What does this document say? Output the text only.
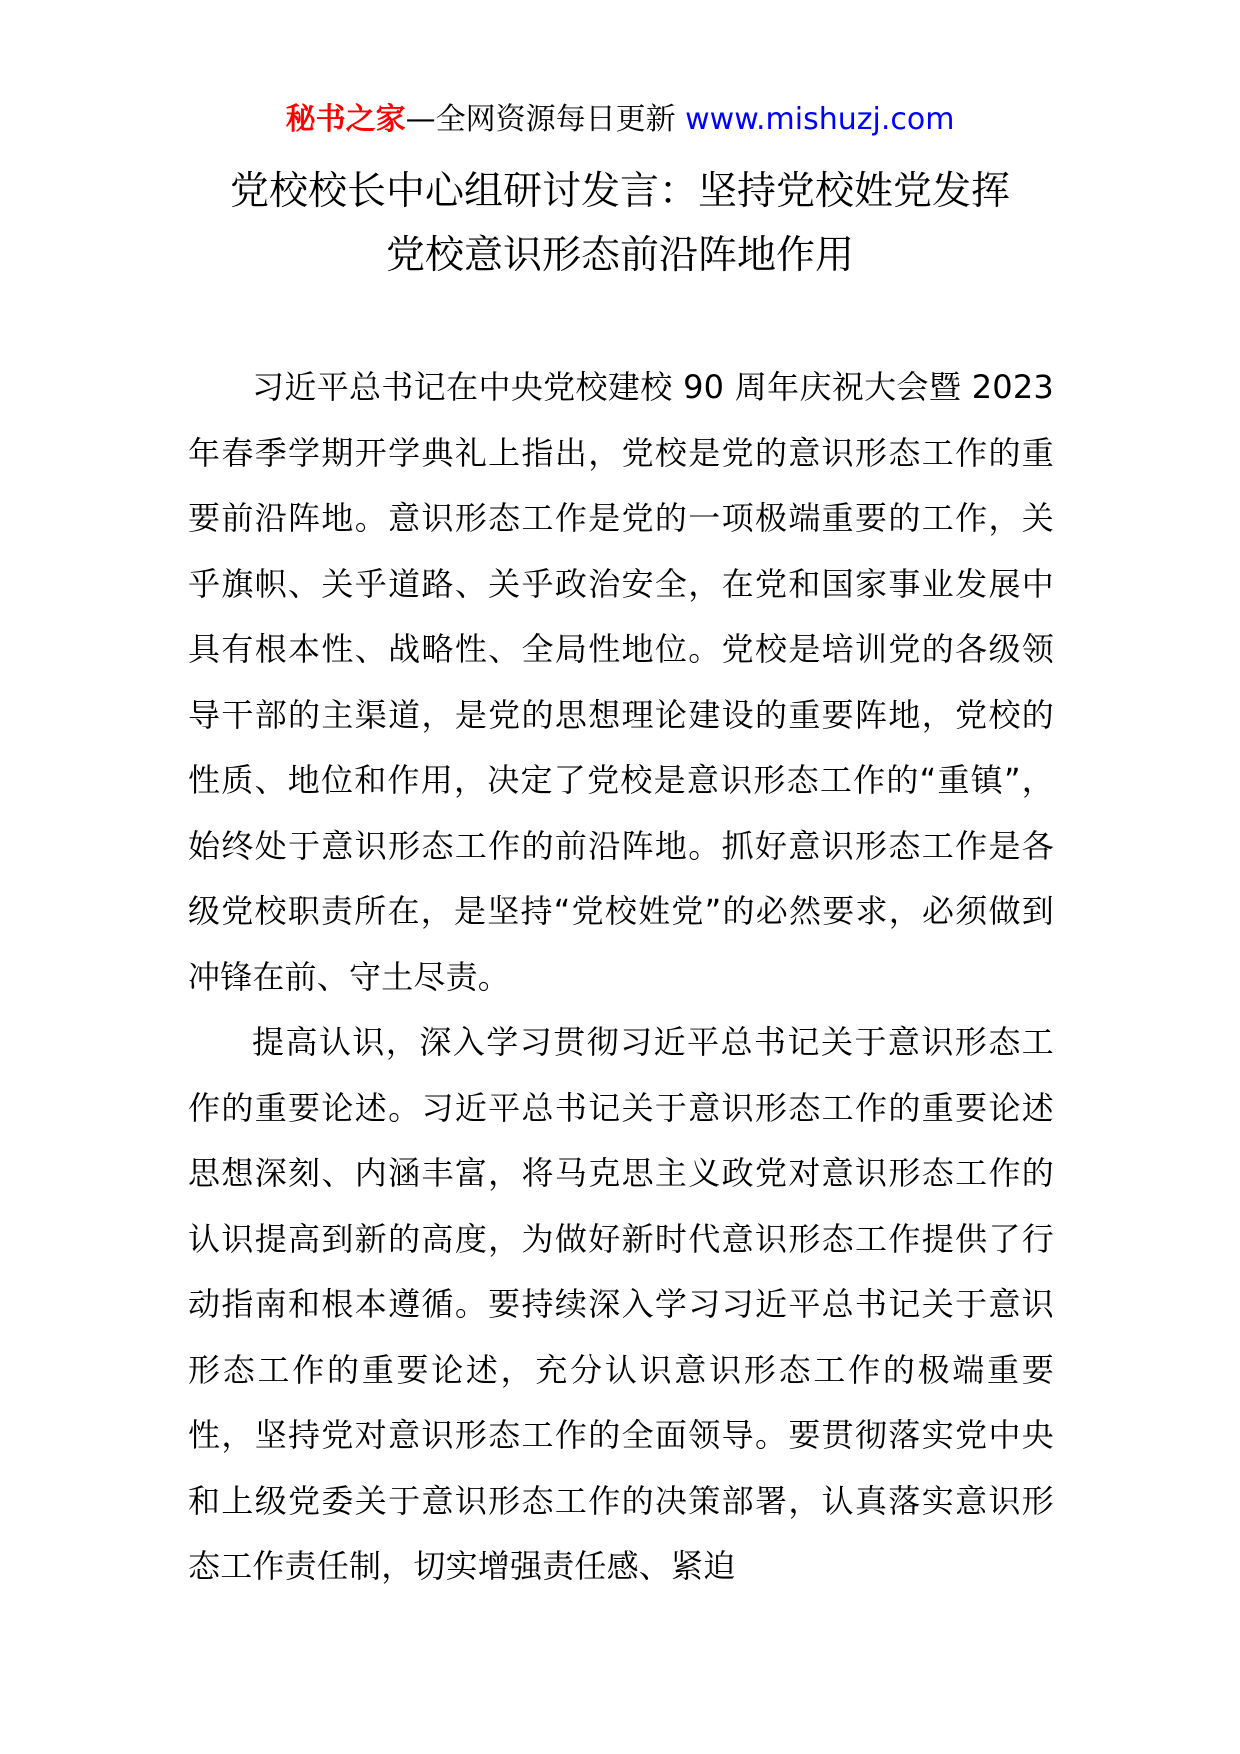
秘书之家—全网资源每日更新 www.mishuzj.com
党校校长中心组研讨发言：坚持党校姓党发挥
党校意识形态前沿阵地作用

习近平总书记在中央党校建校 90 周年庆祝大会暨 2023 年春季学期开学典礼上指出，党校是党的意识形态工作的重要前沿阵地。意识形态工作是党的一项极端重要的工作，关乎旗帜、关乎道路、关乎政治安全，在党和国家事业发展中具有根本性、战略性、全局性地位。党校是培训党的各级领导干部的主渠道，是党的思想理论建设的重要阵地，党校的性质、地位和作用，决定了党校是意识形态工作的“重镇”，始终处于意识形态工作的前沿阵地。抓好意识形态工作是各级党校职责所在，是坚持“党校姓党”的必然要求，必须做到冲锋在前、守土尽责。

提高认识，深入学习贯彻习近平总书记关于意识形态工作的重要论述。习近平总书记关于意识形态工作的重要论述思想深刻、内涵丰富，将马克思主义政党对意识形态工作的认识提高到新的高度，为做好新时代意识形态工作提供了行动指南和根本遵循。要持续深入学习习近平总书记关于意识形态工作的重要论述，充分认识意识形态工作的极端重要性，坚持党对意识形态工作的全面领导。要贯彻落实党中央和上级党委关于意识形态工作的决策部署，认真落实意识形态工作责任制，切实增强责任感、紧迫
